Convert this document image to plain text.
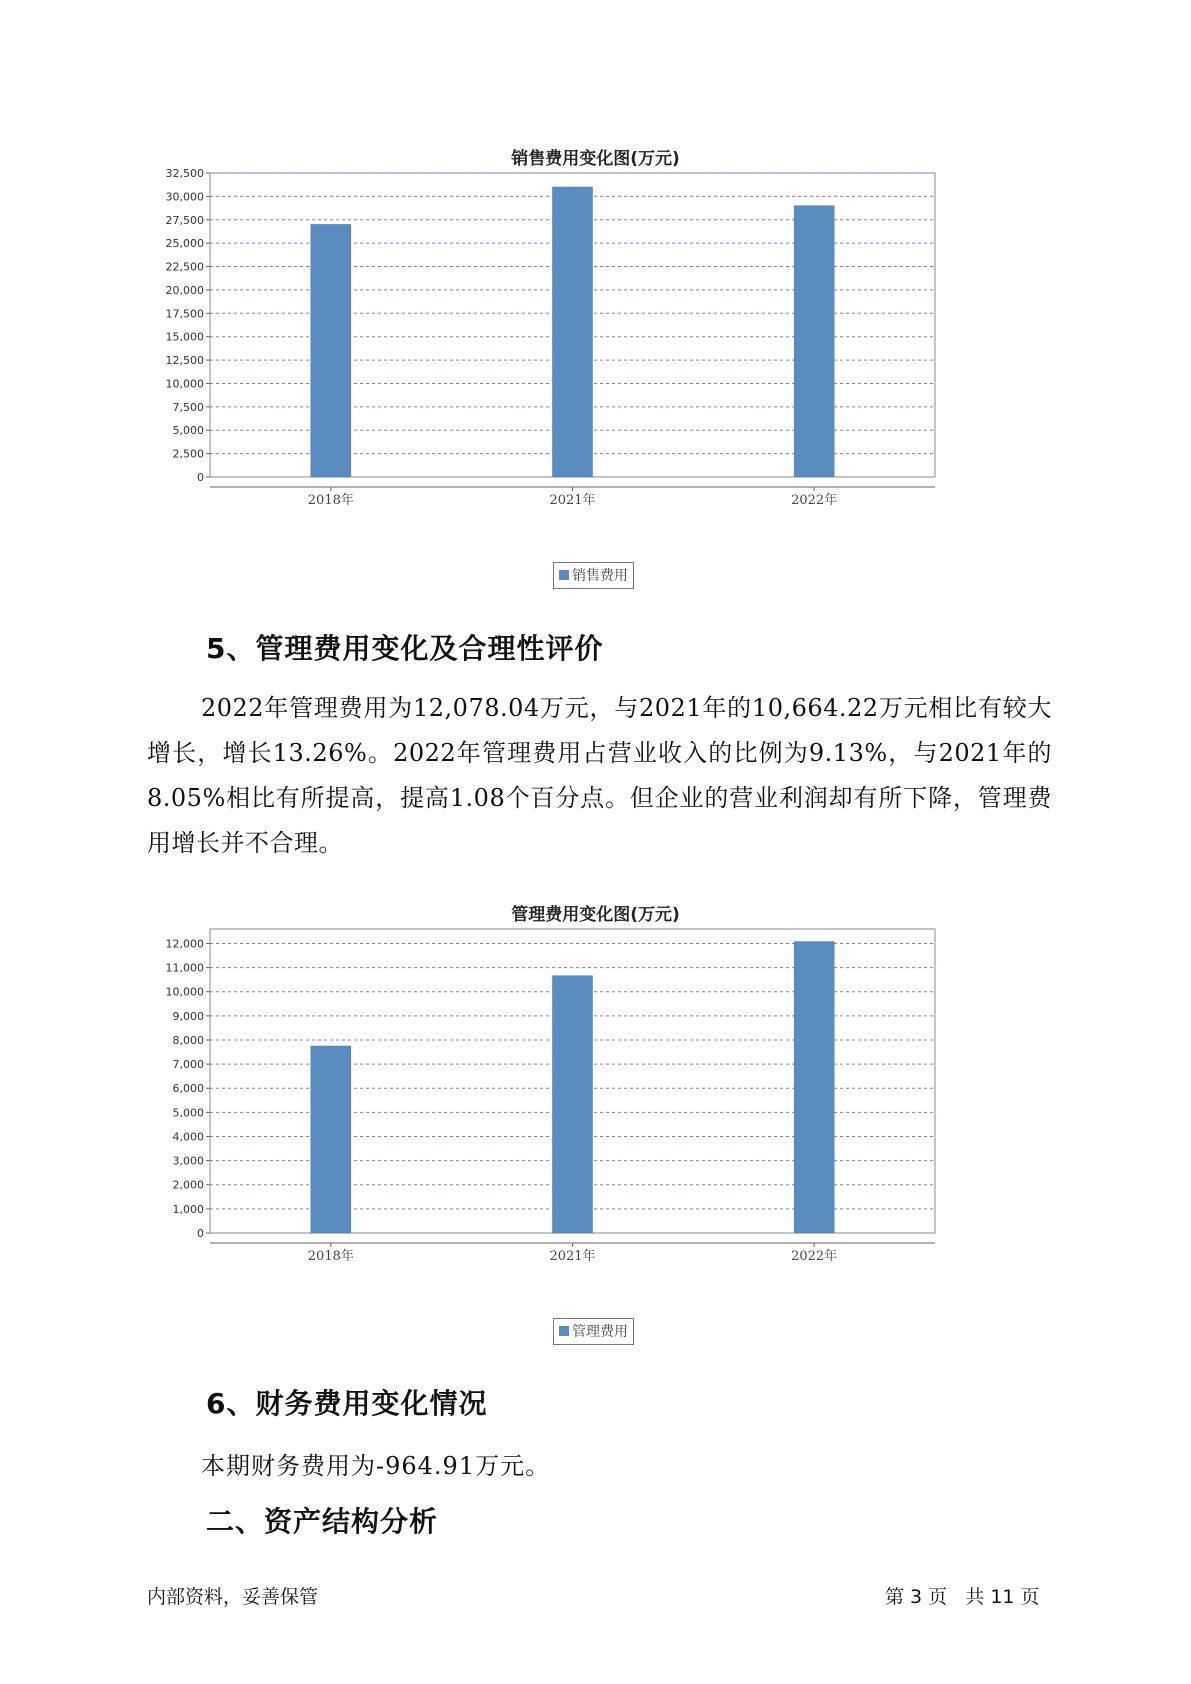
销售费用变化图(万元)
0
2,500
5,000
7,500
10,000
12,500
15,000
17,500
20,000
22,500
25,000
27,500
30,000
32,500
2018年	2021年	2022年
销售费用
5、管理费用变化及合理性评价
2022年管理费用为12,078.04万元，与2021年的10,664.22万元相比有较大增长，增长13.26%。2022年管理费用占营业收入的比例为9.13%，与2021年的8.05%相比有所提高，提高1.08个百分点。但企业的营业利润却有所下降，管理费用增长并不合理。
管理费用变化图(万元)
0
1,000
2,000
3,000
4,000
5,000
6,000
7,000
8,000
9,000
10,000
11,000
12,000
2018年	2021年	2022年
管理费用
6、财务费用变化情况
本期财务费用为-964.91万元。
二、资产结构分析
内部资料，妥善保管	第 3 页   共 11 页
